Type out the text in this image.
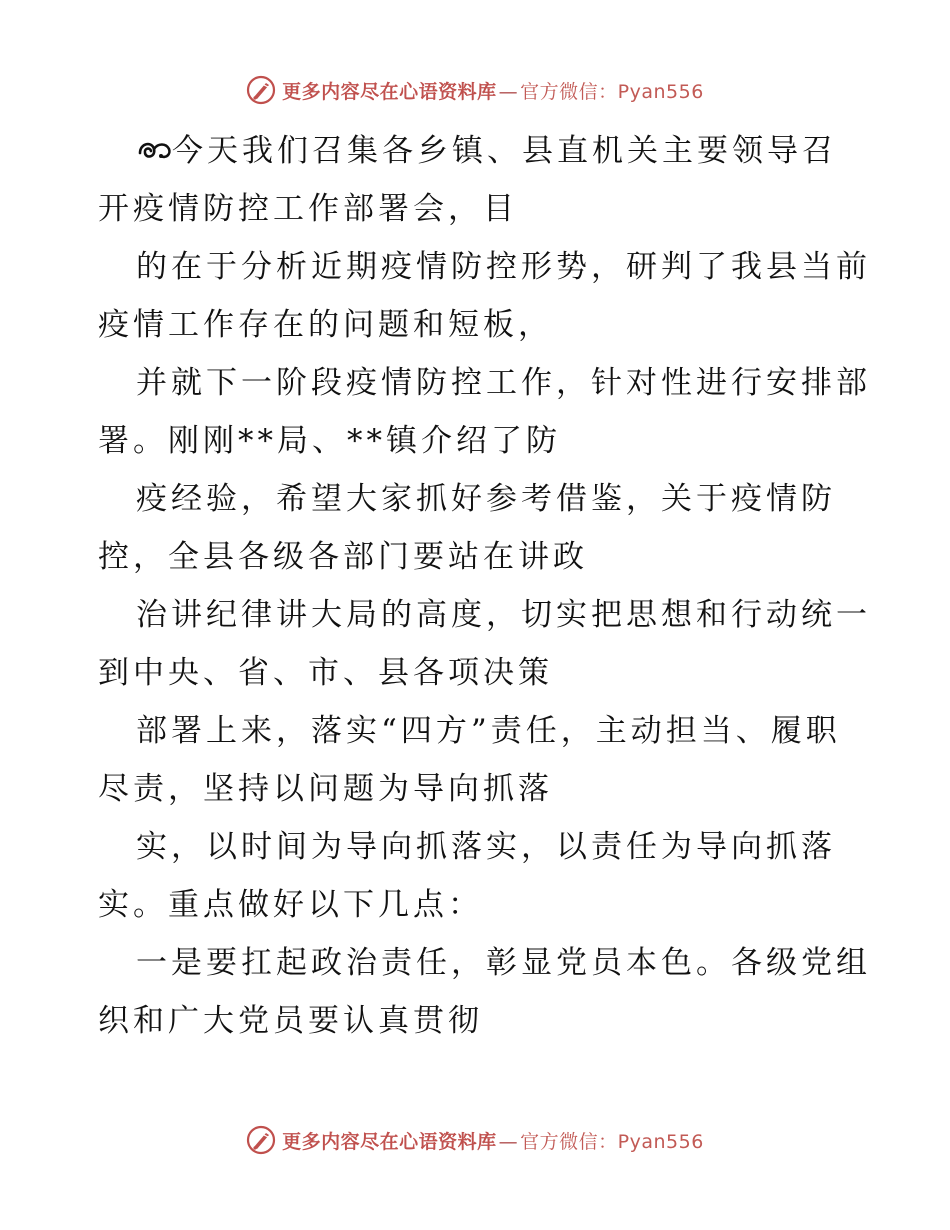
更多内容尽在心语资料库 — 官方微信：Pyan556
今天我们召集各乡镇、县直机关主要领导召
开疫情防控工作部署会，目
的在于分析近期疫情防控形势，研判了我县当前
疫情工作存在的问题和短板，
并就下一阶段疫情防控工作，针对性进行安排部
署。刚刚**局、**镇介绍了防
疫经验，希望大家抓好参考借鉴，关于疫情防
控，全县各级各部门要站在讲政
治讲纪律讲大局的高度，切实把思想和行动统一
到中央、省、市、县各项决策
部署上来，落实“四方”责任，主动担当、履职
尽责，坚持以问题为导向抓落
实，以时间为导向抓落实，以责任为导向抓落
实。重点做好以下几点：
一是要扛起政治责任，彰显党员本色。各级党组
织和广大党员要认真贯彻
更多内容尽在心语资料库 — 官方微信：Pyan556
